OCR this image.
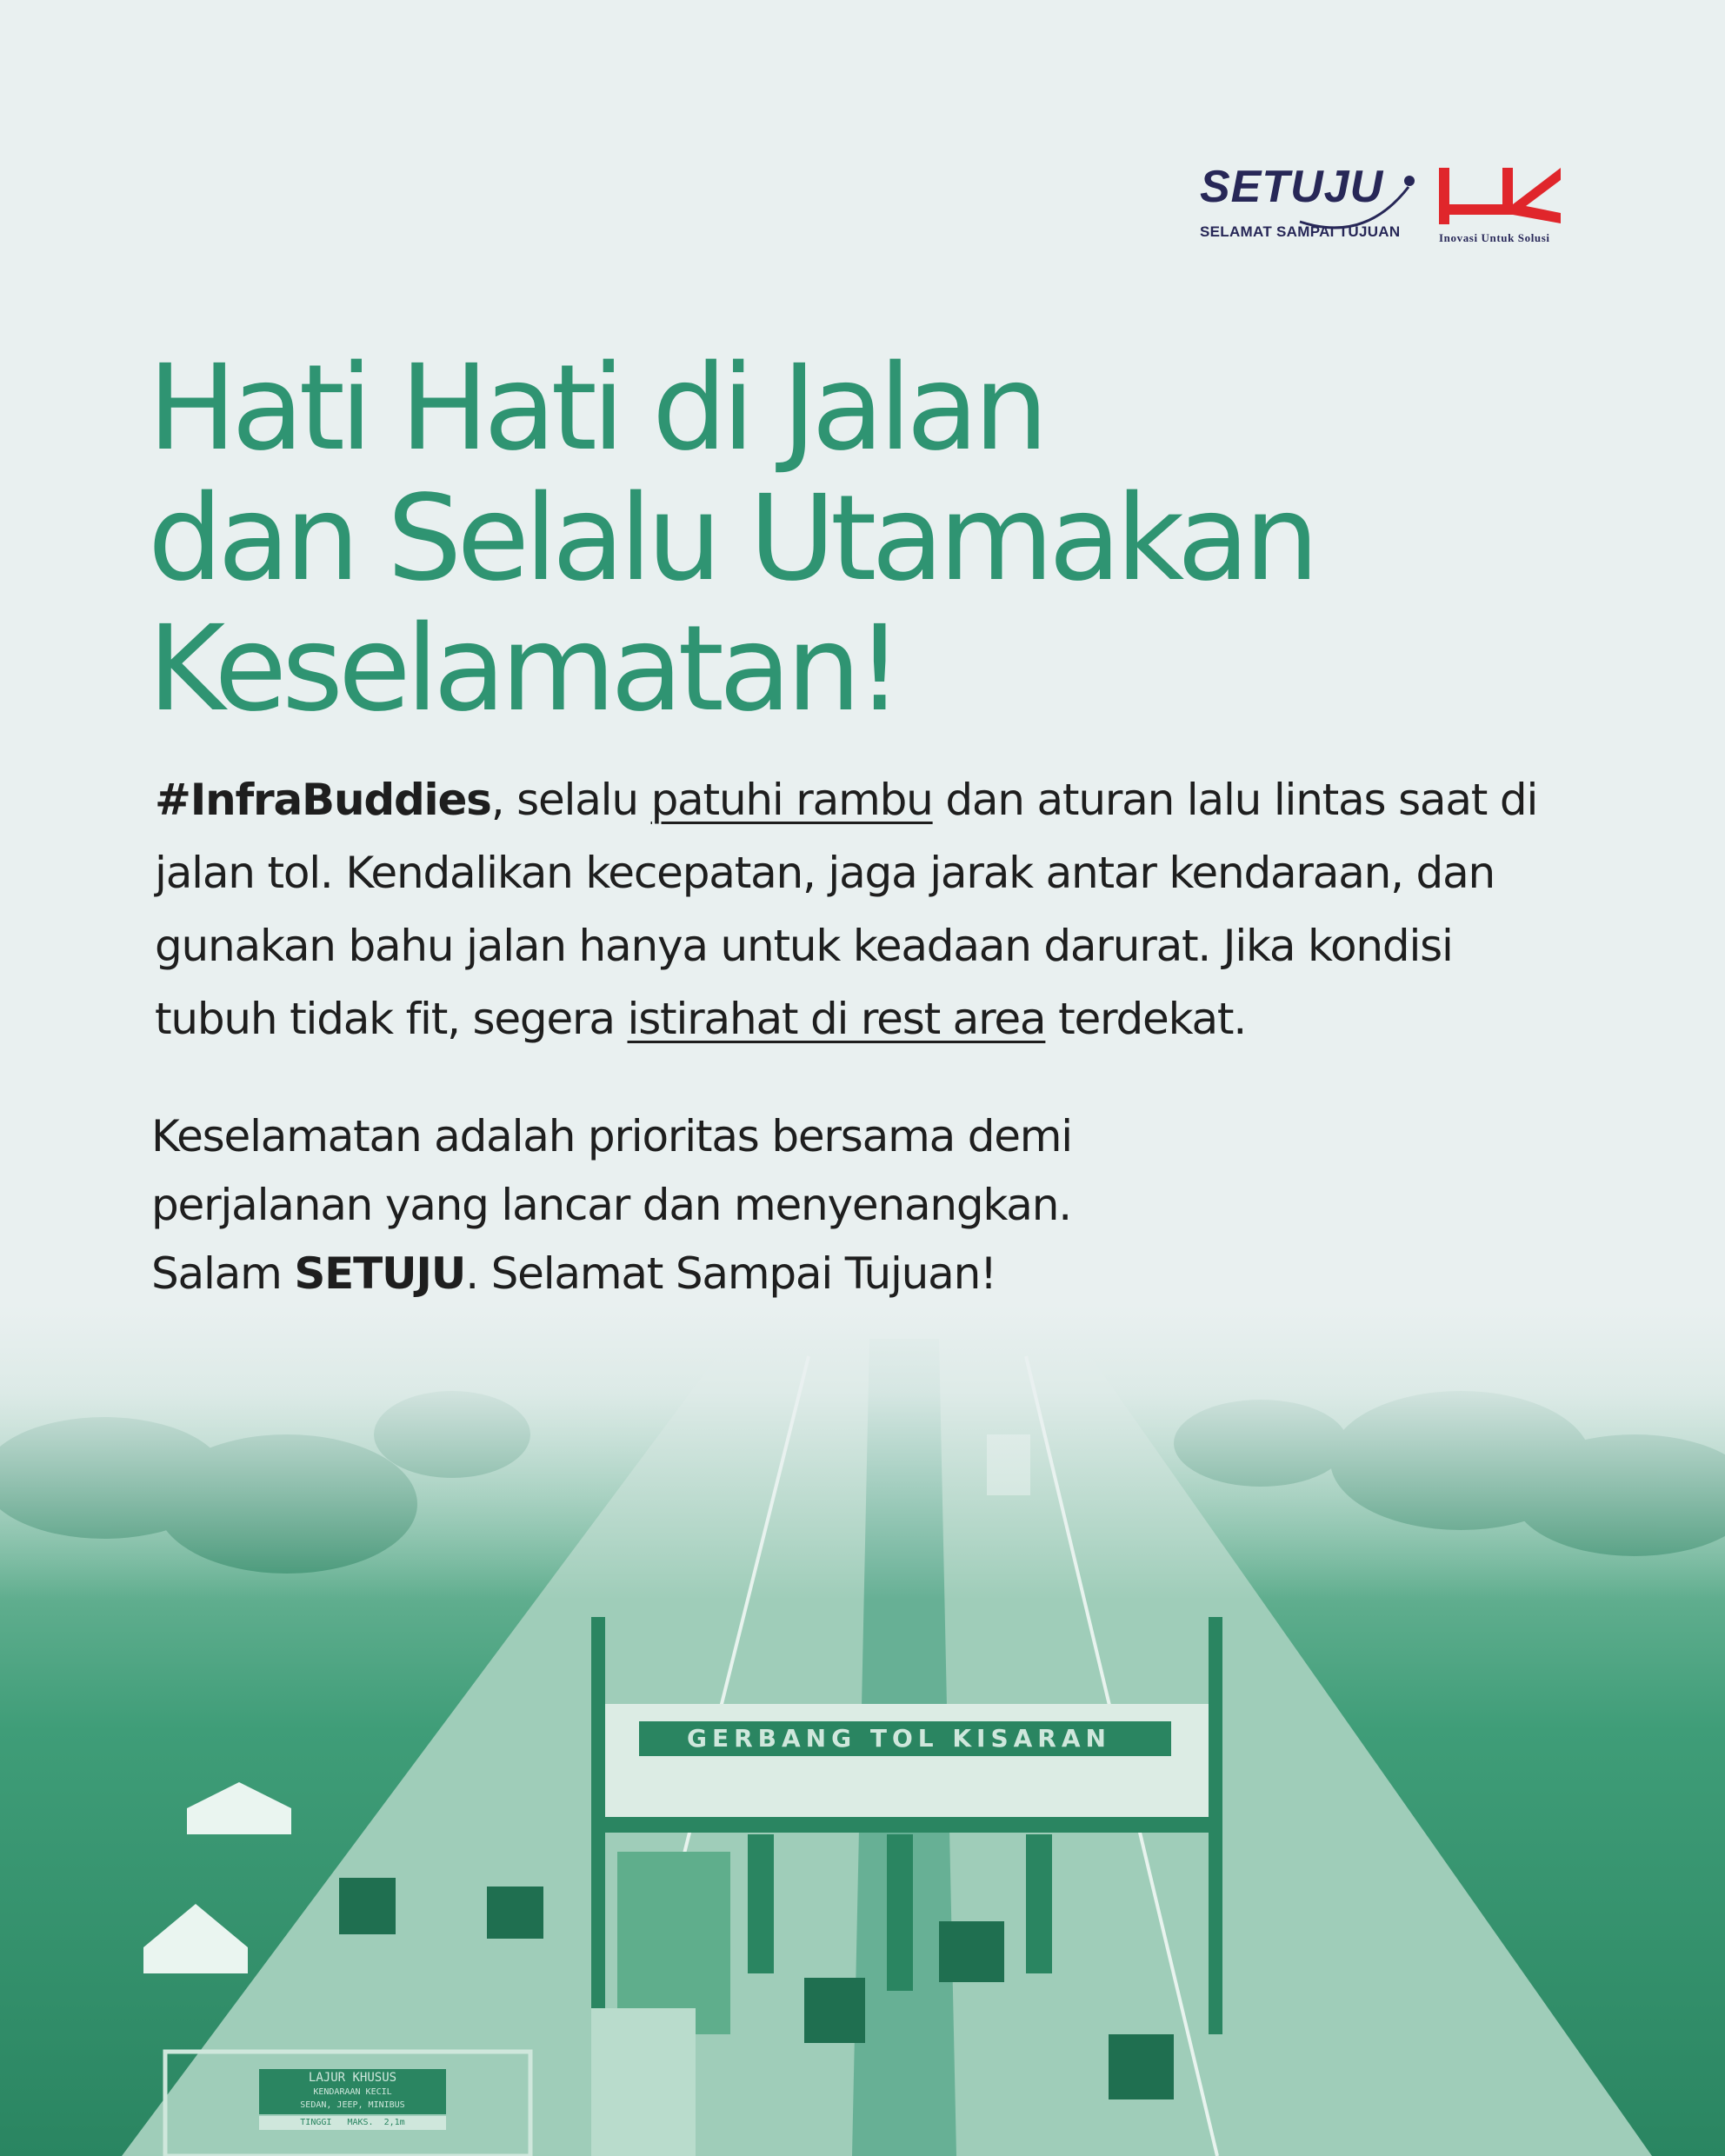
SETUJU
SELAMAT SAMPAI TUJUAN	Inovasi Untuk Solusi
Hati Hati di Jalan
dan Selalu Utamakan
Keselamatan!

#InfraBuddies, selalu patuhi rambu dan aturan lalu lintas saat di jalan tol. Kendalikan kecepatan, jaga jarak antar kendaraan, dan gunakan bahu jalan hanya untuk keadaan darurat. Jika kondisi tubuh tidak fit, segera istirahat di rest area terdekat.

Keselamatan adalah prioritas bersama demi
perjalanan yang lancar dan menyenangkan.
Salam SETUJU. Selamat Sampai Tujuan!

GERBANG TOL KISARAN
LAJUR KHUSUS
KENDARAAN KECIL
SEDAN, JEEP, MINIBUS
TINGGI   MAKS.  2,1m
